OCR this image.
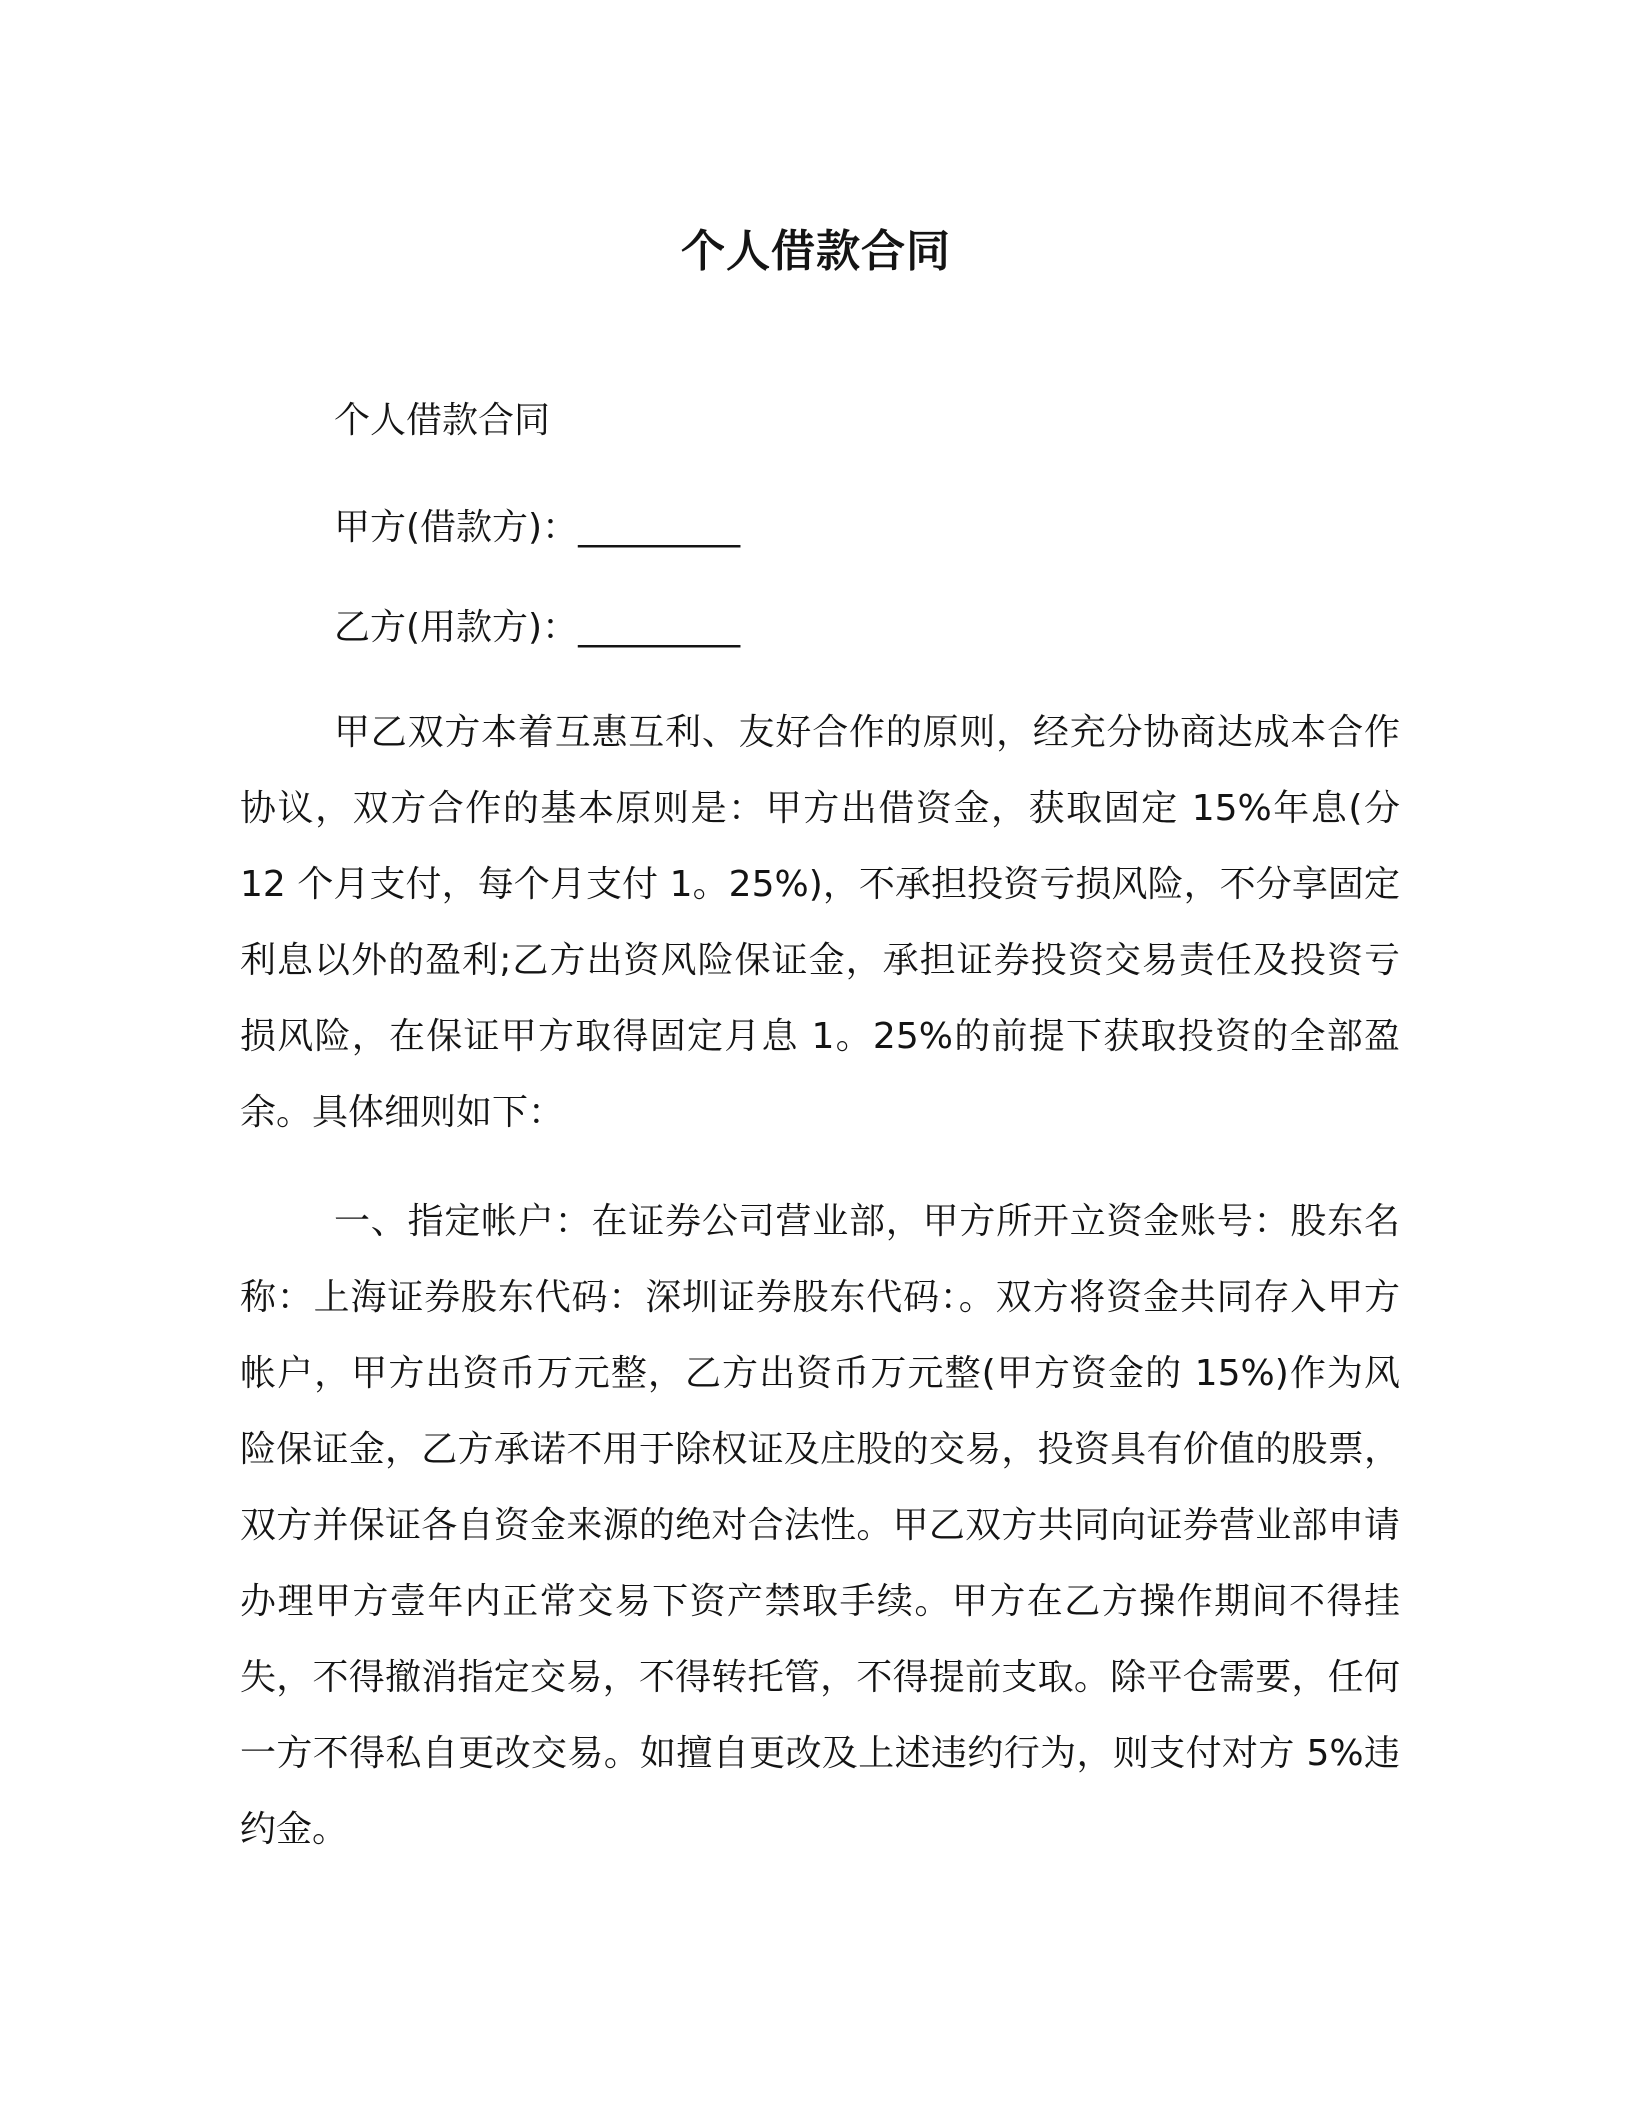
个人借款合同
个人借款合同
甲方(借款方)：_________
乙方(用款方)：_________

甲乙双方本着互惠互利、友好合作的原则，经充分协商达成本合作协议，双方合作的基本原则是：甲方出借资金，获取固定 15%年息(分 12 个月支付，每个月支付 1。25%)，不承担投资亏损风险，不分享固定利息以外的盈利;乙方出资风险保证金，承担证券投资交易责任及投资亏损风险，在保证甲方取得固定月息 1。25%的前提下获取投资的全部盈余。具体细则如下：

一、指定帐户：在证券公司营业部，甲方所开立资金账号：股东名称：上海证券股东代码：深圳证券股东代码：。双方将资金共同存入甲方帐户，甲方出资币万元整，乙方出资币万元整(甲方资金的 15%)作为风险保证金，乙方承诺不用于除权证及庄股的交易，投资具有价值的股票，双方并保证各自资金来源的绝对合法性。甲乙双方共同向证券营业部申请办理甲方壹年内正常交易下资产禁取手续。甲方在乙方操作期间不得挂失，不得撤消指定交易，不得转托管，不得提前支取。除平仓需要，任何一方不得私自更改交易。如擅自更改及上述违约行为，则支付对方 5%违约金。
